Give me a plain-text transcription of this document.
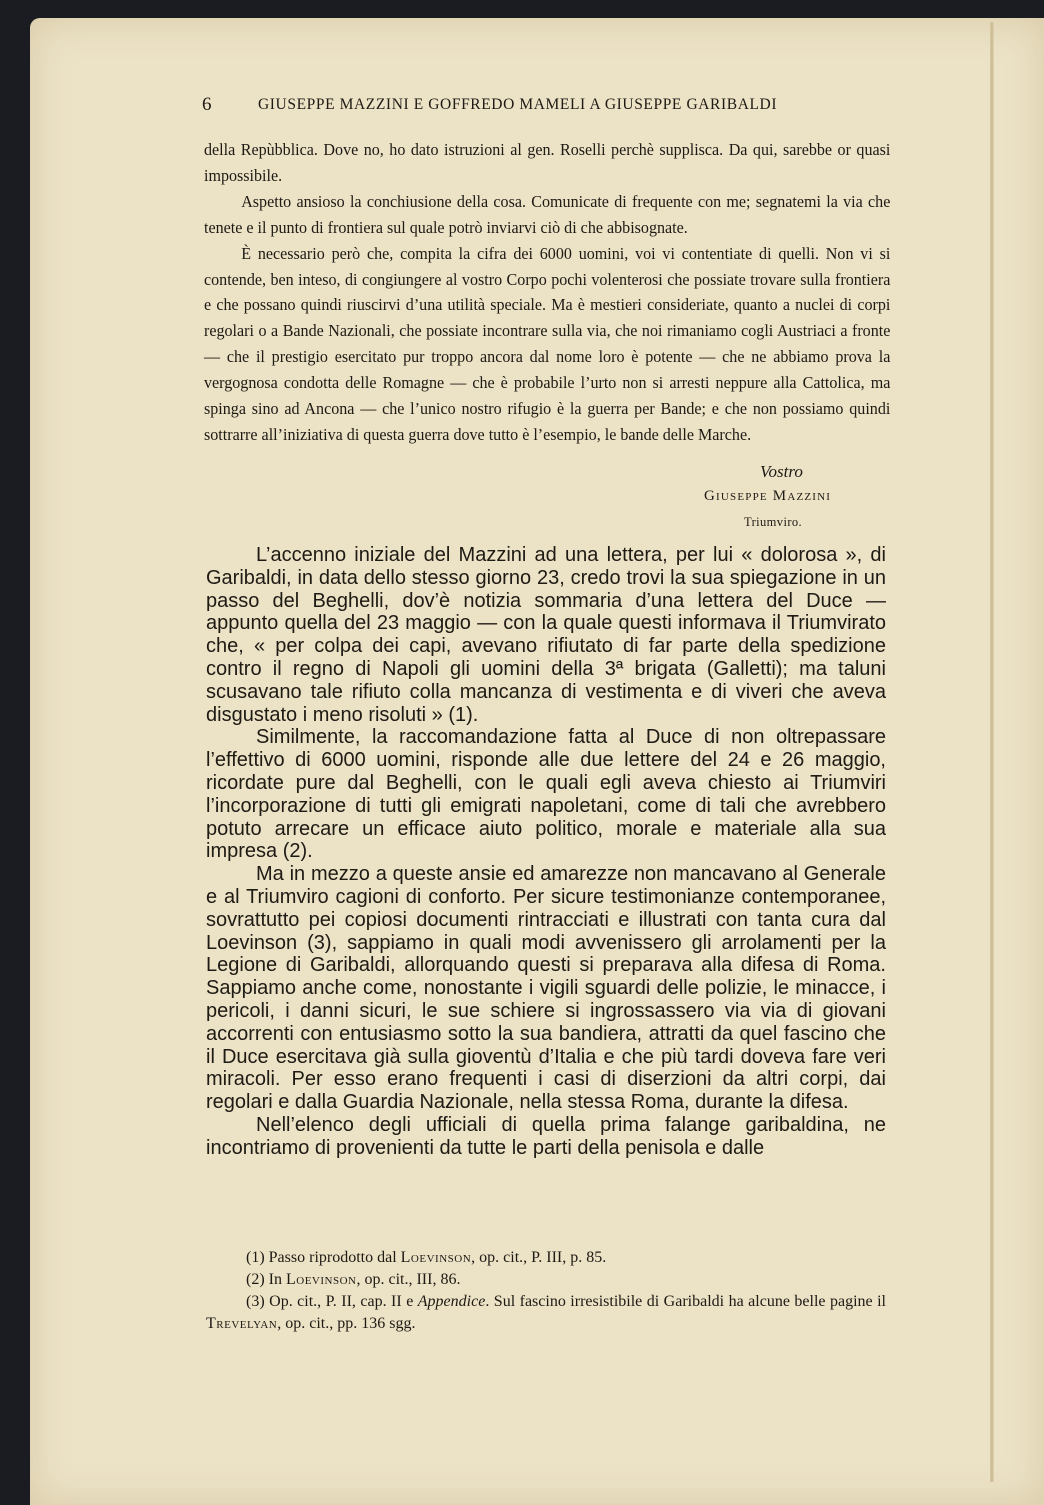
6	GIUSEPPE MAZZINI E GOFFREDO MAMELI A GIUSEPPE GARIBALDI

della Repùbblica. Dove no, ho dato istruzioni al gen. Roselli perchè supplisca. Da qui, sarebbe or quasi impossibile.

Aspetto ansioso la conchiusione della cosa. Comunicate di frequente con me; segnatemi la via che tenete e il punto di frontiera sul quale potrò inviarvi ciò di che abbisognate.

È necessario però che, compita la cifra dei 6000 uomini, voi vi contentiate di quelli. Non vi si contende, ben inteso, di congiungere al vostro Corpo pochi volenterosi che possiate trovare sulla frontiera e che possano quindi riuscirvi d’una utilità speciale. Ma è mestieri consideriate, quanto a nuclei di corpi regolari o a Bande Nazionali, che possiate incontrare sulla via, che noi rimaniamo cogli Austriaci a fronte — che il prestigio esercitato pur troppo ancora dal nome loro è potente — che ne abbiamo prova la vergognosa condotta delle Romagne — che è probabile l’urto non si arresti neppure alla Cattolica, ma spinga sino ad Ancona — che l’unico nostro rifugio è la guerra per Bande; e che non possiamo quindi sottrarre all’iniziativa di questa guerra dove tutto è l’esempio, le bande delle Marche.

Vostro
Giuseppe Mazzini
Triumviro.

L’accenno iniziale del Mazzini ad una lettera, per lui « dolorosa », di Garibaldi, in data dello stesso giorno 23, credo trovi la sua spiegazione in un passo del Beghelli, dov’è notizia sommaria d’una lettera del Duce — appunto quella del 23 maggio — con la quale questi informava il Triumvirato che, « per colpa dei capi, avevano rifiutato di far parte della spedizione contro il regno di Napoli gli uomini della 3ª brigata (Galletti); ma taluni scusavano tale rifiuto colla mancanza di vestimenta e di viveri che aveva disgustato i meno risoluti » (1).

Similmente, la raccomandazione fatta al Duce di non oltrepassare l’effettivo di 6000 uomini, risponde alle due lettere del 24 e 26 maggio, ricordate pure dal Beghelli, con le quali egli aveva chiesto ai Triumviri l’incorporazione di tutti gli emigrati napoletani, come di tali che avrebbero potuto arrecare un efficace aiuto politico, morale e materiale alla sua impresa (2).

Ma in mezzo a queste ansie ed amarezze non mancavano al Generale e al Triumviro cagioni di conforto. Per sicure testimonianze contemporanee, sovrattutto pei copiosi documenti rintracciati e illustrati con tanta cura dal Loevinson (3), sappiamo in quali modi avvenissero gli arrolamenti per la Legione di Garibaldi, allorquando questi si preparava alla difesa di Roma. Sappiamo anche come, nonostante i vigili sguardi delle polizie, le minacce, i pericoli, i danni sicuri, le sue schiere si ingrossassero via via di giovani accorrenti con entusiasmo sotto la sua bandiera, attratti da quel fascino che il Duce esercitava già sulla gioventù d’Italia e che più tardi doveva fare veri miracoli. Per esso erano frequenti i casi di diserzioni da altri corpi, dai regolari e dalla Guardia Nazionale, nella stessa Roma, durante la difesa.

Nell’elenco degli ufficiali di quella prima falange garibaldina, ne incontriamo di provenienti da tutte le parti della penisola e dalle

(1) Passo riprodotto dal Loevinson, op. cit., P. III, p. 85.

(2) In Loevinson, op. cit., III, 86.

(3) Op. cit., P. II, cap. II e Appendice. Sul fascino irresistibile di Garibaldi ha alcune belle pagine il Trevelyan, op. cit., pp. 136 sgg.
